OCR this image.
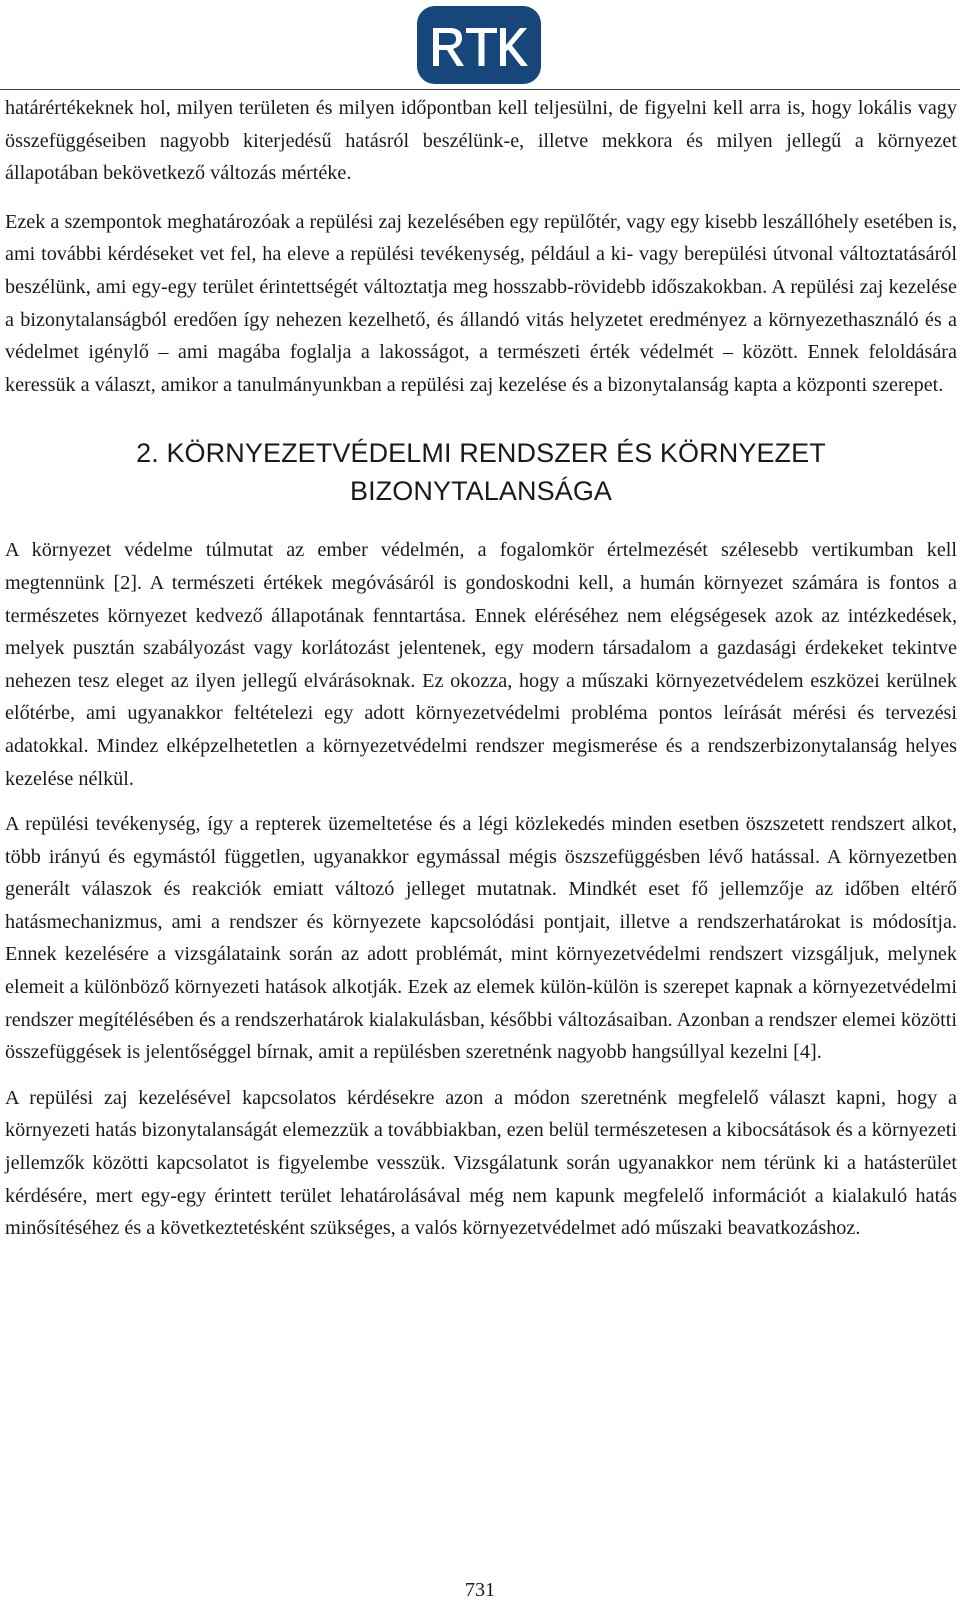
határértékeknek hol, milyen területen és milyen időpontban kell teljesülni, de figyelni kell arra is, hogy lokális vagy összefüggéseiben nagyobb kiterjedésű hatásról beszélünk-e, illetve mekkora és milyen jellegű a környezet állapotában bekövetkező változás mértéke.

Ezek a szempontok meghatározóak a repülési zaj kezelésében egy repülőtér, vagy egy kisebb leszállóhely esetében is, ami további kérdéseket vet fel, ha eleve a repülési tevékenység, például a ki- vagy berepülési útvonal változtatásáról beszélünk, ami egy-egy terület érintettségét változtatja meg hosszabb-rövidebb időszakokban. A repülési zaj kezelése a bizonytalanságból eredően így nehezen kezelhető, és állandó vitás helyzetet eredményez a környezethasználó és a védelmet igénylő – ami magába foglalja a lakosságot, a természeti érték védelmét – között. Ennek feloldására keressük a választ, amikor a tanulmányunkban a repülési zaj kezelése és a bizonytalanság kapta a központi szerepet.

2. KÖRNYEZETVÉDELMI RENDSZER ÉS KÖRNYEZET
BIZONYTALANSÁGA

A környezet védelme túlmutat az ember védelmén, a fogalomkör értelmezését szélesebb vertikumban kell megtennünk [2]. A természeti értékek megóvásáról is gondoskodni kell, a humán környezet számára is fontos a természetes környezet kedvező állapotának fenntartása. Ennek eléréséhez nem elégségesek azok az intézkedések, melyek pusztán szabályozást vagy korlátozást jelentenek, egy modern társadalom a gazdasági érdekeket tekintve nehezen tesz eleget az ilyen jellegű elvárásoknak. Ez okozza, hogy a műszaki környezetvédelem eszközei kerülnek előtérbe, ami ugyanakkor feltételezi egy adott környezetvédelmi probléma pontos leírását mérési és tervezési adatokkal. Mindez elképzelhetetlen a környezetvédelmi rendszer megismerése és a rendszerbizonytalanság helyes kezelése nélkül.

A repülési tevékenység, így a repterek üzemeltetése és a légi közlekedés minden esetben öszszetett rendszert alkot, több irányú és egymástól független, ugyanakkor egymással mégis öszszefüggésben lévő hatással. A környezetben generált válaszok és reakciók emiatt változó jelleget mutatnak. Mindkét eset fő jellemzője az időben eltérő hatásmechanizmus, ami a rendszer és környezete kapcsolódási pontjait, illetve a rendszerhatárokat is módosítja. Ennek kezelésére a vizsgálataink során az adott problémát, mint környezetvédelmi rendszert vizsgáljuk, melynek elemeit a különböző környezeti hatások alkotják. Ezek az elemek külön-külön is szerepet kapnak a környezetvédelmi rendszer megítélésében és a rendszerhatárok kialakulásban, későbbi változásaiban. Azonban a rendszer elemei közötti összefüggések is jelentőséggel bírnak, amit a repülésben szeretnénk nagyobb hangsúllyal kezelni [4].

A repülési zaj kezelésével kapcsolatos kérdésekre azon a módon szeretnénk megfelelő választ kapni, hogy a környezeti hatás bizonytalanságát elemezzük a továbbiakban, ezen belül természetesen a kibocsátások és a környezeti jellemzők közötti kapcsolatot is figyelembe vesszük. Vizsgálatunk során ugyanakkor nem térünk ki a hatásterület kérdésére, mert egy-egy érintett terület lehatárolásával még nem kapunk megfelelő információt a kialakuló hatás minősítéséhez és a következtetésként szükséges, a valós környezetvédelmet adó műszaki beavatkozáshoz.

731
